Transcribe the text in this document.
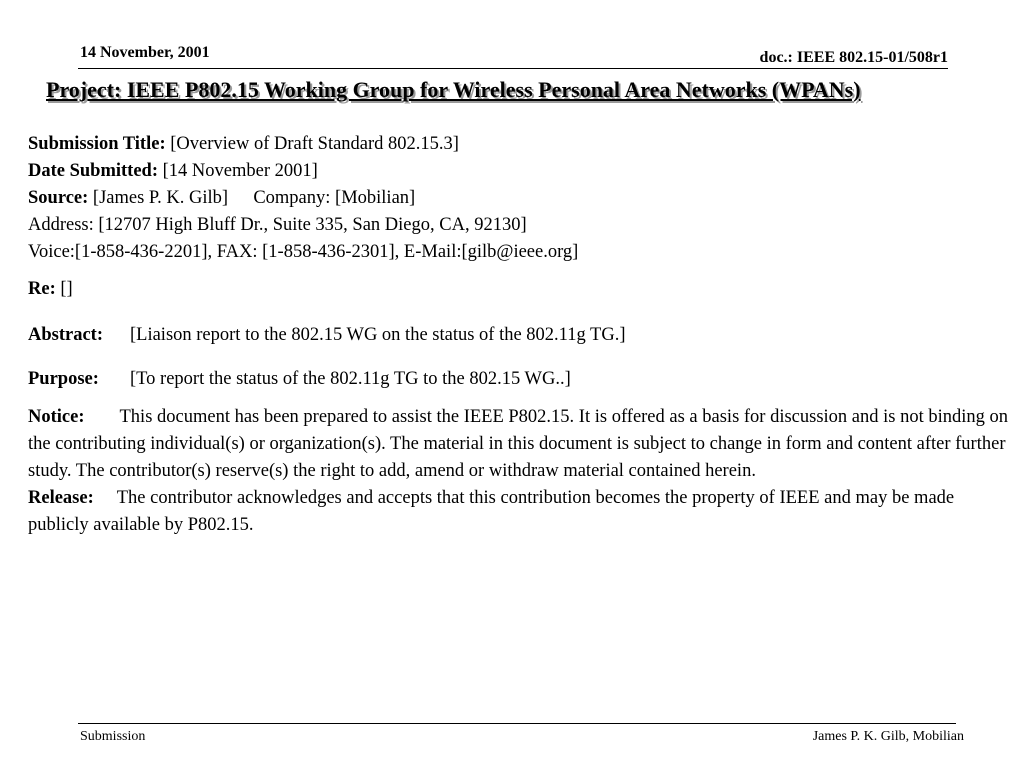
14 November, 2001	doc.: IEEE 802.15-01/508r1
Project: IEEE P802.15 Working Group for Wireless Personal Area Networks (WPANs)
Submission Title: [Overview of Draft Standard 802.15.3]
Date Submitted: [14 November 2001]
Source: [James P. K. Gilb] Company: [Mobilian]
Address: [12707 High Bluff Dr., Suite 335, San Diego, CA, 92130]
Voice:[1-858-436-2201], FAX: [1-858-436-2301], E-Mail:[gilb@ieee.org]
Re: []
Abstract: [Liaison report to the 802.15 WG on the status of the 802.11g TG.]
Purpose: [To report the status of the 802.11g TG to the 802.15 WG..]
Notice: This document has been prepared to assist the IEEE P802.15. It is offered as a basis for discussion and is not binding on the contributing individual(s) or organization(s). The material in this document is subject to change in form and content after further study. The contributor(s) reserve(s) the right to add, amend or withdraw material contained herein.
Release: The contributor acknowledges and accepts that this contribution becomes the property of IEEE and may be made publicly available by P802.15.
Submission	James P. K. Gilb, Mobilian
